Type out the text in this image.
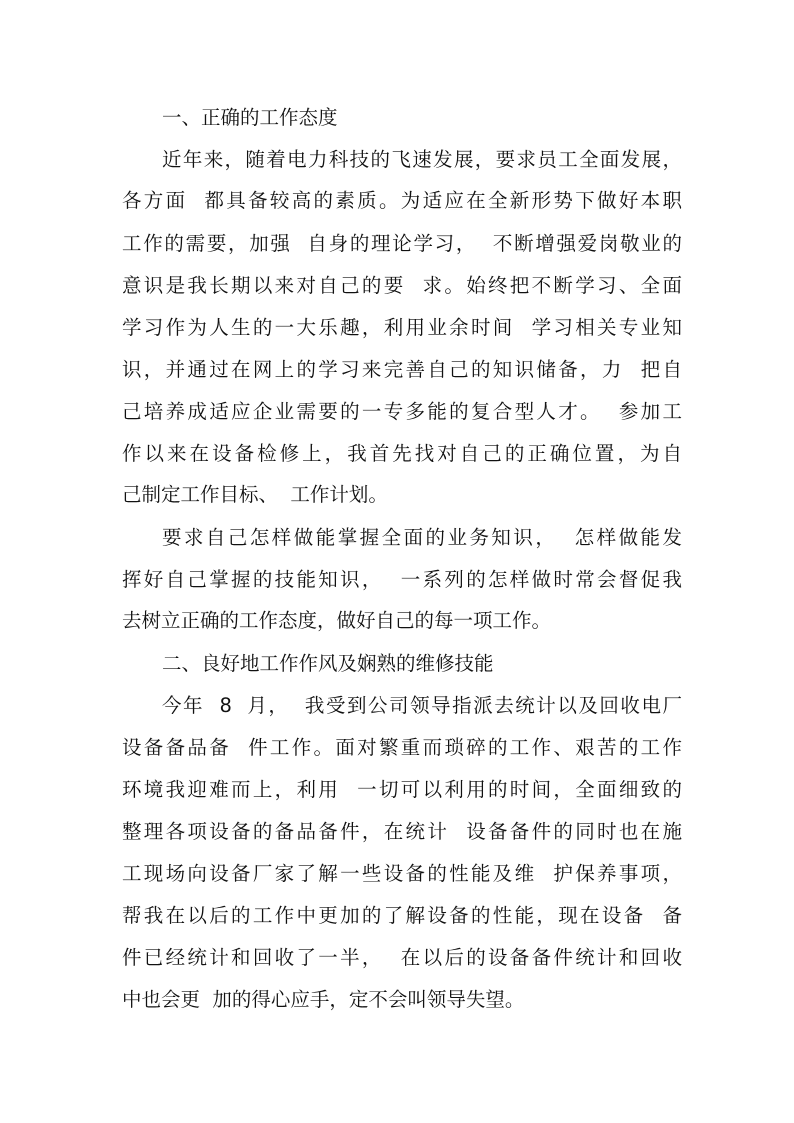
一、正确的工作态度
近年来，随着电力科技的飞速发展，要求员工全面发展，
各方面  都具备较高的素质。为适应在全新形势下做好本职
工作的需要，加强  自身的理论学习，  不断增强爱岗敬业的
意识是我长期以来对自己的要  求。始终把不断学习、全面
学习作为人生的一大乐趣，利用业余时间  学习相关专业知
识，并通过在网上的学习来完善自己的知识储备，力  把自
己培养成适应企业需要的一专多能的复合型人才。  参加工
作以来在设备检修上，我首先找对自己的正确位置，为自
己制定工作目标、  工作计划。
要求自己怎样做能掌握全面的业务知识，  怎样做能发
挥好自己掌握的技能知识，  一系列的怎样做时常会督促我
去树立正确的工作态度，做好自己的每一项工作。
二、良好地工作作风及娴熟的维修技能
今年  8  月，  我受到公司领导指派去统计以及回收电厂
设备备品备  件工作。面对繁重而琐碎的工作、艰苦的工作
环境我迎难而上，利用  一切可以利用的时间，全面细致的
整理各项设备的备品备件，在统计  设备备件的同时也在施
工现场向设备厂家了解一些设备的性能及维  护保养事项，
帮我在以后的工作中更加的了解设备的性能，现在设备  备
件已经统计和回收了一半，  在以后的设备备件统计和回收
中也会更  加的得心应手，定不会叫领导失望。
